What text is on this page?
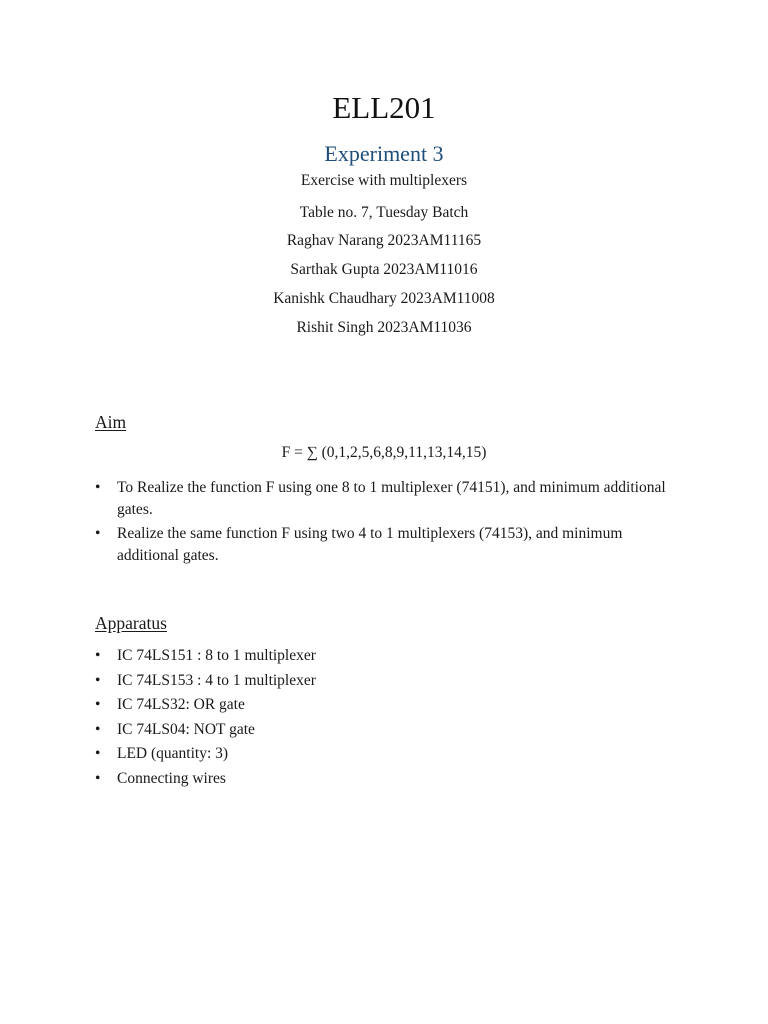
ELL201
Experiment 3
Exercise with multiplexers
Table no. 7, Tuesday Batch
Raghav Narang 2023AM11165
Sarthak Gupta 2023AM11016
Kanishk Chaudhary 2023AM11008
Rishit Singh 2023AM11036
Aim
F = ∑ (0,1,2,5,6,8,9,11,13,14,15)
•	To Realize the function F using one 8 to 1 multiplexer (74151), and minimum additional gates.
•	Realize the same function F using two 4 to 1 multiplexers (74153), and minimum additional gates.
Apparatus
•	IC 74LS151 : 8 to 1 multiplexer
•	IC 74LS153 : 4 to 1 multiplexer
•	IC 74LS32: OR gate
•	IC 74LS04: NOT gate
•	LED (quantity: 3)
•	Connecting wires
